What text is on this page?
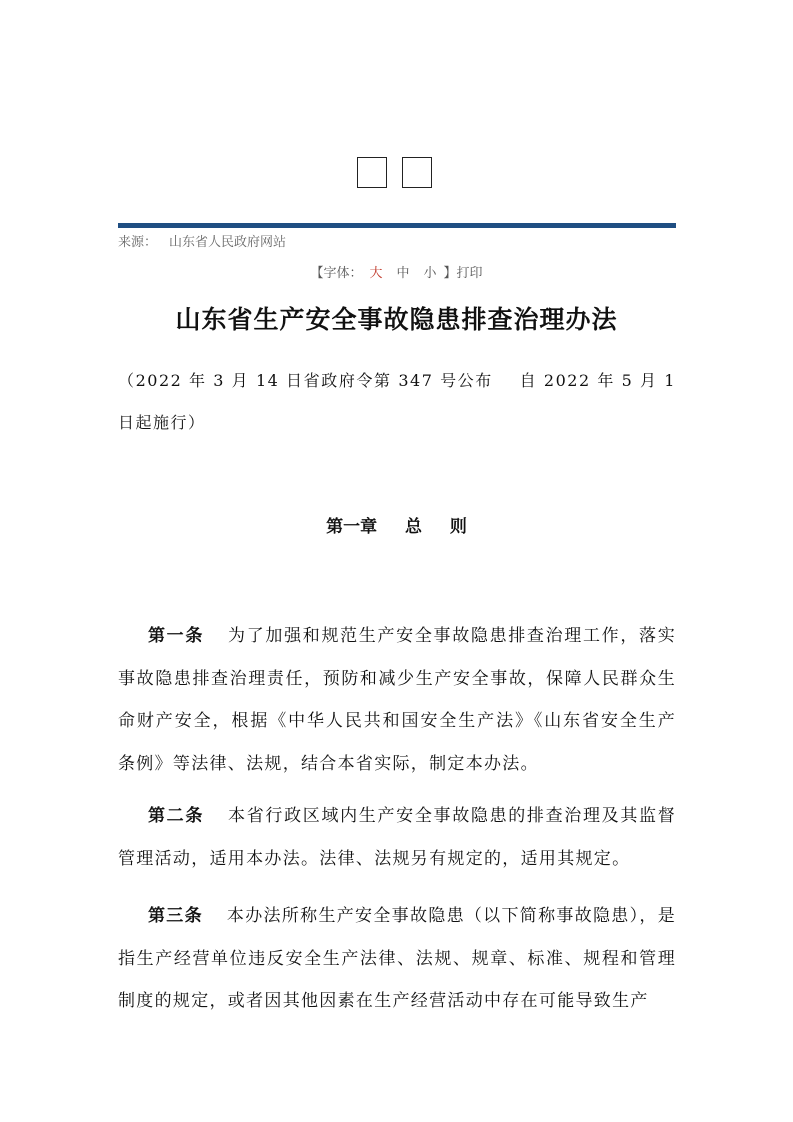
来源： 山东省人民政府网站
【字体： 大 中 小 】打印
山东省生产安全事故隐患排查治理办法
（2022 年 3 月 14 日省政府令第 347 号公布    自 2022 年 5 月 1 日起施行）
第一章 总 则

第一条 为了加强和规范生产安全事故隐患排查治理工作，落实事故隐患排查治理责任，预防和减少生产安全事故，保障人民群众生命财产安全，根据《中华人民共和国安全生产法》《山东省安全生产条例》等法律、法规，结合本省实际，制定本办法。

第二条 本省行政区域内生产安全事故隐患的排查治理及其监督管理活动，适用本办法。法律、法规另有规定的，适用其规定。

第三条 本办法所称生产安全事故隐患（以下简称事故隐患），是指生产经营单位违反安全生产法律、法规、规章、标准、规程和管理制度的规定，或者因其他因素在生产经营活动中存在可能导致生产
